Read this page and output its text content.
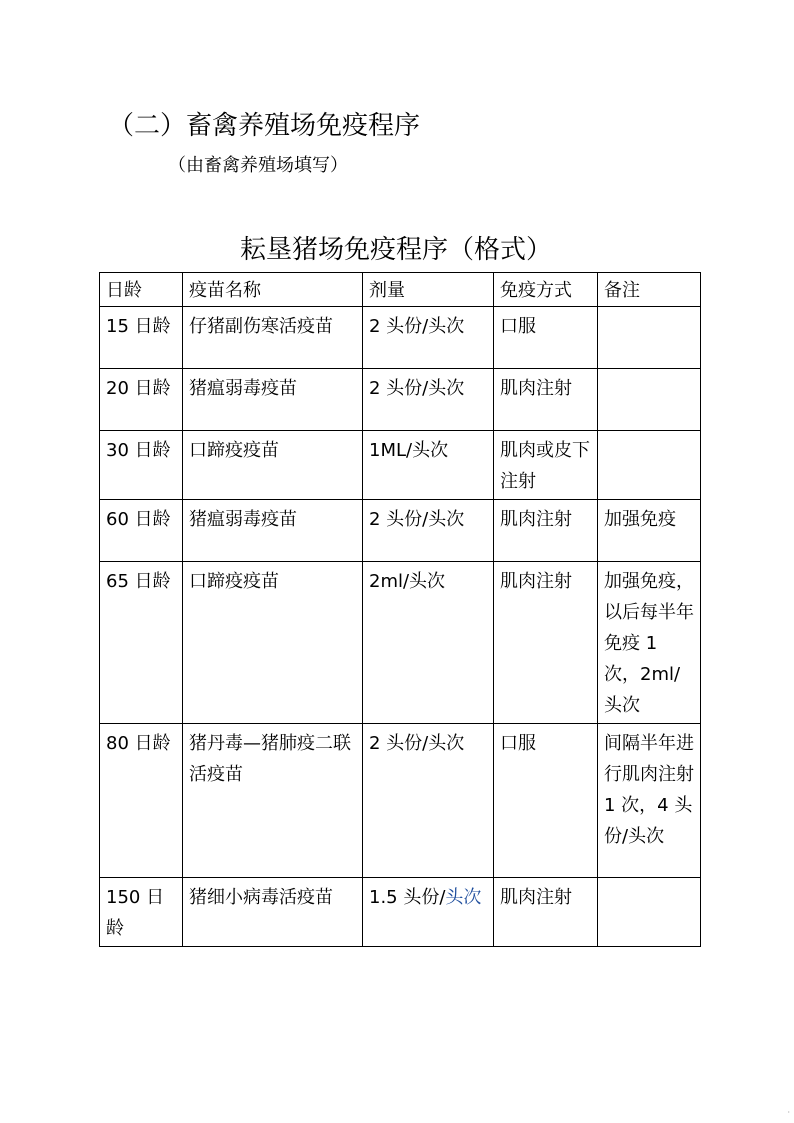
（二）畜禽养殖场免疫程序
（由畜禽养殖场填写）
耘垦猪场免疫程序（格式）
日龄	疫苗名称	剂量	免疫方式	备注
15 日龄	仔猪副伤寒活疫苗	2 头份/头次	口服	
20 日龄	猪瘟弱毒疫苗	2 头份/头次	肌肉注射	
30 日龄	口蹄疫疫苗	1ML/头次	肌肉或皮下注射	
60 日龄	猪瘟弱毒疫苗	2 头份/头次	肌肉注射	加强免疫
65 日龄	口蹄疫疫苗	2ml/头次	肌肉注射	加强免疫，以后每半年免疫 1 次，2ml/头次
80 日龄	猪丹毒—猪肺疫二联活疫苗	2 头份/头次	口服	间隔半年进行肌肉注射 1 次，4 头份/头次
150 日龄	猪细小病毒活疫苗	1.5 头份/头次	肌肉注射	
·
